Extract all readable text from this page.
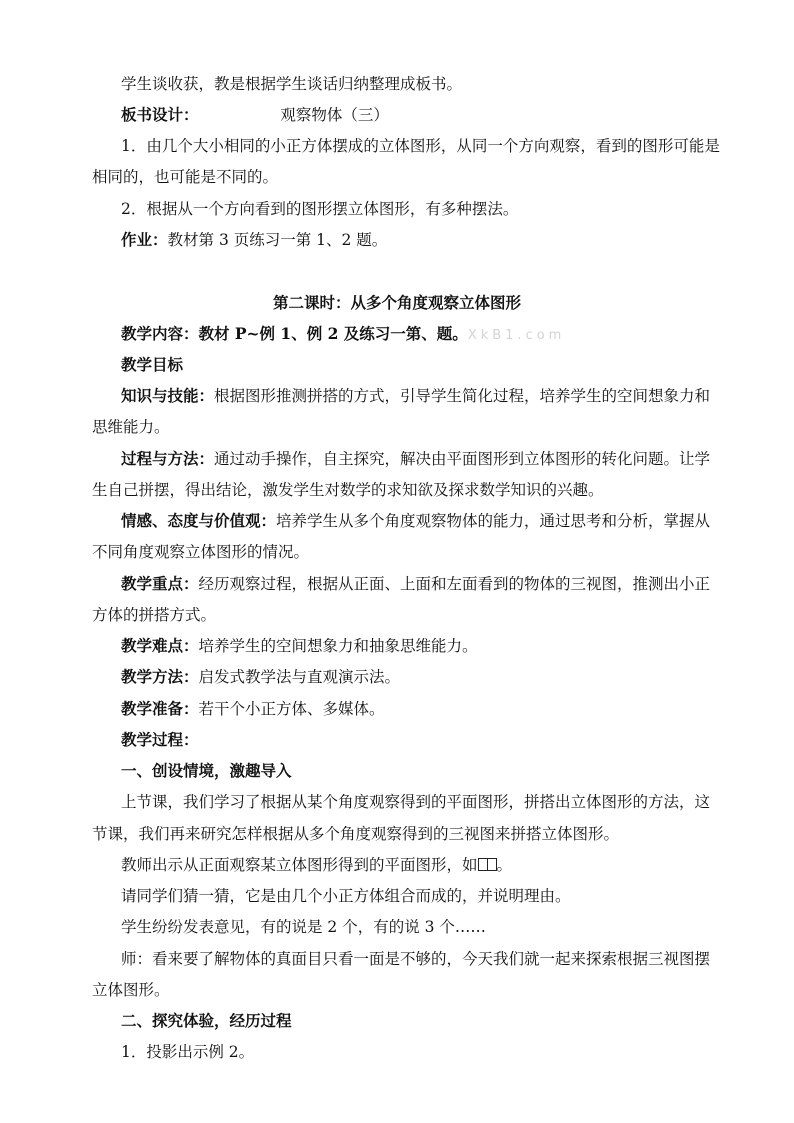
学生谈收获，教是根据学生谈话归纳整理成板书。
板书设计：	观察物体（三）
1．由几个大小相同的小正方体摆成的立体图形，从同一个方向观察，看到的图形可能是
相同的，也可能是不同的。
2．根据从一个方向看到的图形摆立体图形，有多种摆法。
作业：教材第 3 页练习一第 1、2 题。
第二课时：从多个角度观察立体图形
教学内容：教材 P~例 1、例 2 及练习一第、题。XkB1.com
教学目标
知识与技能：根据图形推测拼搭的方式，引导学生简化过程，培养学生的空间想象力和
思维能力。
过程与方法：通过动手操作，自主探究，解决由平面图形到立体图形的转化问题。让学
生自己拼摆，得出结论，激发学生对数学的求知欲及探求数学知识的兴趣。
情感、态度与价值观：培养学生从多个角度观察物体的能力，通过思考和分析，掌握从
不同角度观察立体图形的情况。
教学重点：经历观察过程，根据从正面、上面和左面看到的物体的三视图，推测出小正
方体的拼搭方式。
教学难点：培养学生的空间想象力和抽象思维能力。
教学方法：启发式教学法与直观演示法。
教学准备：若干个小正方体、多媒体。
教学过程：
一、创设情境，激趣导入
上节课，我们学习了根据从某个角度观察得到的平面图形，拼搭出立体图形的方法，这
节课，我们再来研究怎样根据从多个角度观察得到的三视图来拼搭立体图形。
教师出示从正面观察某立体图形得到的平面图形，如 。
请同学们猜一猜，它是由几个小正方体组合而成的，并说明理由。
学生纷纷发表意见，有的说是 2 个，有的说 3 个……
师：看来要了解物体的真面目只看一面是不够的，今天我们就一起来探索根据三视图摆
立体图形。
二、探究体验，经历过程
1．投影出示例 2。
